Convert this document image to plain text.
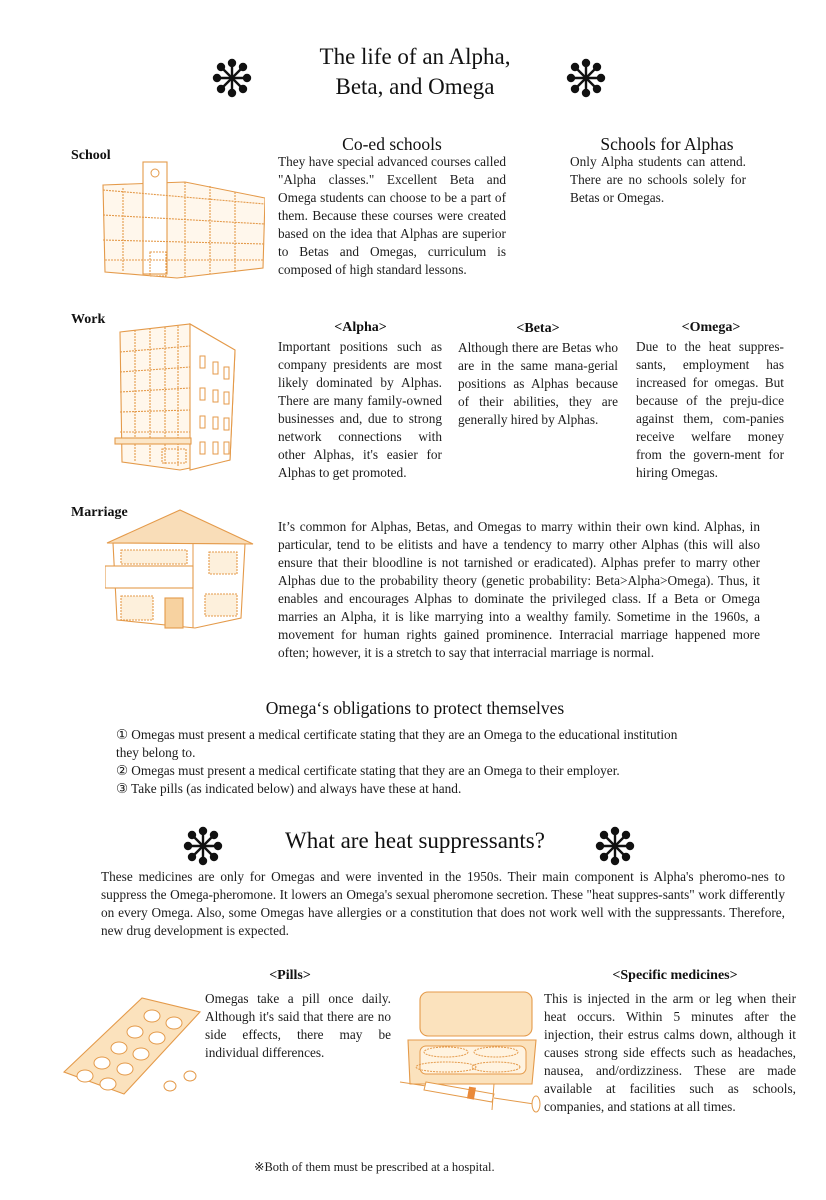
The life of an Alpha,
Beta, and Omega
School
Co-ed schools

They have special advanced courses called "Alpha classes." Excellent Beta and Omega students can choose to be a part of them. Because these courses were created based on the idea that Alphas are superior to Betas and Omegas, curriculum is composed of high standard lessons.

Schools for Alphas

Only Alpha students can attend. There are no schools solely for Betas or Omegas.

Work
<Alpha>

Important positions such as company presidents are most likely dominated by Alphas. There are many family-owned businesses and, due to strong network connections with other Alphas, it's easier for Alphas to get promoted.

<Beta>

Although there are Betas who are in the same mana-gerial positions as Alphas because of their abilities, they are generally hired by Alphas.

<Omega>

Due to the heat suppres-sants, employment has increased for omegas. But because of the preju-dice against them, com-panies receive welfare money from the govern-ment for hiring Omegas.

Marriage

It’s common for Alphas, Betas, and Omegas to marry within their own kind. Alphas, in particular, tend to be elitists and have a tendency to marry other Alphas (this will also ensure that their bloodline is not tarnished or eradicated). Alphas prefer to marry other Alphas due to the probability theory (genetic probability: Beta>Alpha>Omega). Thus, it enables and encourages Alphas to dominate the privileged class. If a Beta or Omega marries an Alpha, it is like marrying into a wealthy family. Sometime in the 1960s, a movement for human rights gained prominence. Interracial marriage happened more often; however, it is a stretch to say that interracial marriage is normal.

Omega‘s obligations to protect themselves
① Omegas must present a medical certificate stating that they are an Omega to the educational institution they belong to.
② Omegas must present a medical certificate stating that they are an Omega to their employer.
③ Take pills (as indicated below) and always have these at hand.
What are heat suppressants?

These medicines are only for Omegas and were invented in the 1950s. Their main component is Alpha's pheromo-nes to suppress the Omega-pheromone. It lowers an Omega's sexual pheromone secretion. These "heat suppres-sants" work differently on every Omega. Also, some Omegas have allergies or a constitution that does not work well with the suppressants. Therefore, new drug development is expected.

<Pills>

Omegas take a pill once daily. Although it's said that there are no side effects, there may be individual differences.

<Specific medicines>

This is injected in the arm or leg when their heat occurs. Within 5 minutes after the injection, their estrus calms down, although it causes strong side effects such as headaches, nausea, and/ordizziness. These are made available at facilities such as schools, companies, and stations at all times.

※Both of them must be prescribed at a hospital.
